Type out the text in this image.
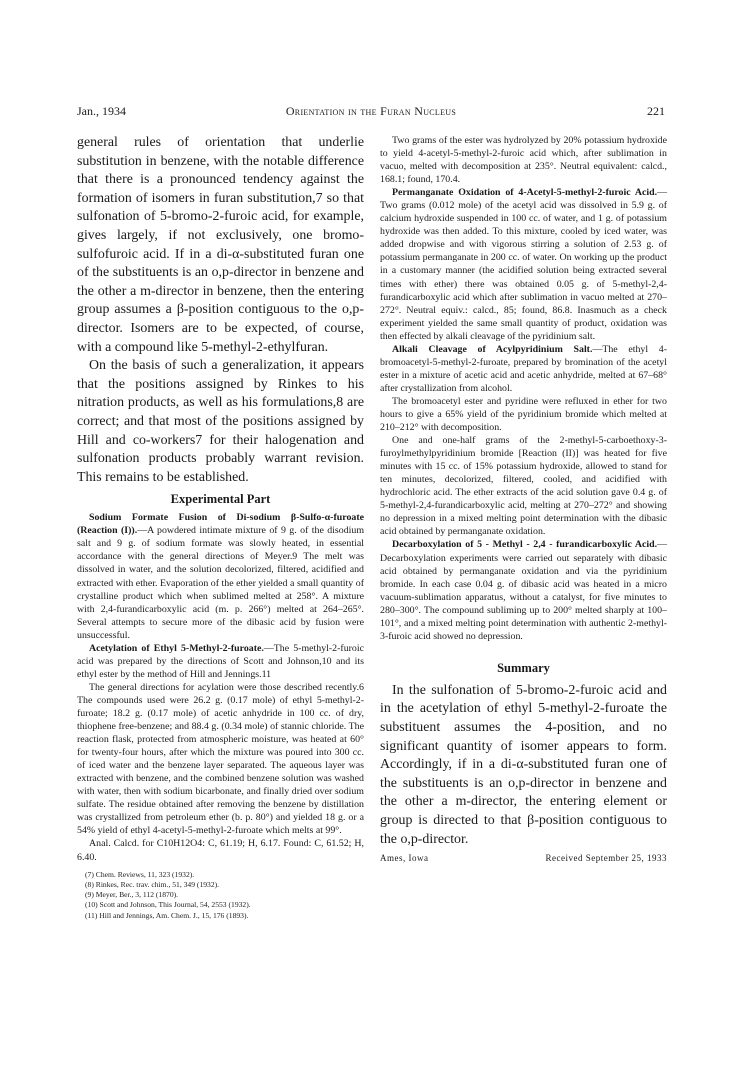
Jan., 1934	Orientation in the Furan Nucleus	221

general rules of orientation that underlie substitution in benzene, with the notable difference that there is a pronounced tendency against the formation of isomers in furan substitution,7 so that sulfonation of 5-bromo-2-furoic acid, for example, gives largely, if not exclusively, one bromo-sulfofuroic acid. If in a di-α-substituted furan one of the substituents is an o,p-director in benzene and the other a m-director in benzene, then the entering group assumes a β-position contiguous to the o,p-director. Isomers are to be expected, of course, with a compound like 5-methyl-2-ethylfuran.

On the basis of such a generalization, it appears that the positions assigned by Rinkes to his nitration products, as well as his formulations,8 are correct; and that most of the positions assigned by Hill and co-workers7 for their halogenation and sulfonation products probably warrant revision. This remains to be established.

Experimental Part

Sodium Formate Fusion of Di-sodium β-Sulfo-α-furoate (Reaction (I)).—A powdered intimate mixture of 9 g. of the disodium salt and 9 g. of sodium formate was slowly heated, in essential accordance with the general directions of Meyer.9 The melt was dissolved in water, and the solution decolorized, filtered, acidified and extracted with ether. Evaporation of the ether yielded a small quantity of crystalline product which when sublimed melted at 258°. A mixture with 2,4-furandicarboxylic acid (m. p. 266°) melted at 264–265°. Several attempts to secure more of the dibasic acid by fusion were unsuccessful.

Acetylation of Ethyl 5-Methyl-2-furoate.—The 5-methyl-2-furoic acid was prepared by the directions of Scott and Johnson,10 and its ethyl ester by the method of Hill and Jennings.11

The general directions for acylation were those described recently.6 The compounds used were 26.2 g. (0.17 mole) of ethyl 5-methyl-2-furoate; 18.2 g. (0.17 mole) of acetic anhydride in 100 cc. of dry, thiophene free-benzene; and 88.4 g. (0.34 mole) of stannic chloride. The reaction flask, protected from atmospheric moisture, was heated at 60° for twenty-four hours, after which the mixture was poured into 300 cc. of iced water and the benzene layer separated. The aqueous layer was extracted with benzene, and the combined benzene solution was washed with water, then with sodium bicarbonate, and finally dried over sodium sulfate. The residue obtained after removing the benzene by distillation was crystallized from petroleum ether (b. p. 80°) and yielded 18 g. or a 54% yield of ethyl 4-acetyl-5-methyl-2-furoate which melts at 99°.

Anal. Calcd. for C10H12O4: C, 61.19; H, 6.17. Found: C, 61.52; H, 6.40.

(7) Chem. Reviews, 11, 323 (1932).
(8) Rinkes, Rec. trav. chim., 51, 349 (1932).
(9) Meyer, Ber., 3, 112 (1870).
(10) Scott and Johnson, This Journal, 54, 2553 (1932).
(11) Hill and Jennings, Am. Chem. J., 15, 176 (1893).

Two grams of the ester was hydrolyzed by 20% potassium hydroxide to yield 4-acetyl-5-methyl-2-furoic acid which, after sublimation in vacuo, melted with decomposition at 235°. Neutral equivalent: calcd., 168.1; found, 170.4.

Permanganate Oxidation of 4-Acetyl-5-methyl-2-furoic Acid.—Two grams (0.012 mole) of the acetyl acid was dissolved in 5.9 g. of calcium hydroxide suspended in 100 cc. of water, and 1 g. of potassium hydroxide was then added. To this mixture, cooled by iced water, was added dropwise and with vigorous stirring a solution of 2.53 g. of potassium permanganate in 200 cc. of water. On working up the product in a customary manner (the acidified solution being extracted several times with ether) there was obtained 0.05 g. of 5-methyl-2,4-furandicarboxylic acid which after sublimation in vacuo melted at 270–272°. Neutral equiv.: calcd., 85; found, 86.8. Inasmuch as a check experiment yielded the same small quantity of product, oxidation was then effected by alkali cleavage of the pyridinium salt.

Alkali Cleavage of Acylpyridinium Salt.—The ethyl 4-bromoacetyl-5-methyl-2-furoate, prepared by bromination of the acetyl ester in a mixture of acetic acid and acetic anhydride, melted at 67–68° after crystallization from alcohol.

The bromoacetyl ester and pyridine were refluxed in ether for two hours to give a 65% yield of the pyridinium bromide which melted at 210–212° with decomposition.

One and one-half grams of the 2-methyl-5-carboethoxy-3-furoylmethylpyridinium bromide [Reaction (II)] was heated for five minutes with 15 cc. of 15% potassium hydroxide, allowed to stand for ten minutes, decolorized, filtered, cooled, and acidified with hydrochloric acid. The ether extracts of the acid solution gave 0.4 g. of 5-methyl-2,4-furandicarboxylic acid, melting at 270–272° and showing no depression in a mixed melting point determination with the dibasic acid obtained by permanganate oxidation.

Decarboxylation of 5 - Methyl - 2,4 - furandicarboxylic Acid.—Decarboxylation experiments were carried out separately with dibasic acid obtained by permanganate oxidation and via the pyridinium bromide. In each case 0.04 g. of dibasic acid was heated in a micro vacuum-sublimation apparatus, without a catalyst, for five minutes to 280–300°. The compound subliming up to 200° melted sharply at 100–101°, and a mixed melting point determination with authentic 2-methyl-3-furoic acid showed no depression.

Summary

In the sulfonation of 5-bromo-2-furoic acid and in the acetylation of ethyl 5-methyl-2-furoate the substituent assumes the 4-position, and no significant quantity of isomer appears to form. Accordingly, if in a di-α-substituted furan one of the substituents is an o,p-director in benzene and the other a m-director, the entering element or group is directed to that β-position contiguous to the o,p-director.

Ames, Iowa	Received September 25, 1933
